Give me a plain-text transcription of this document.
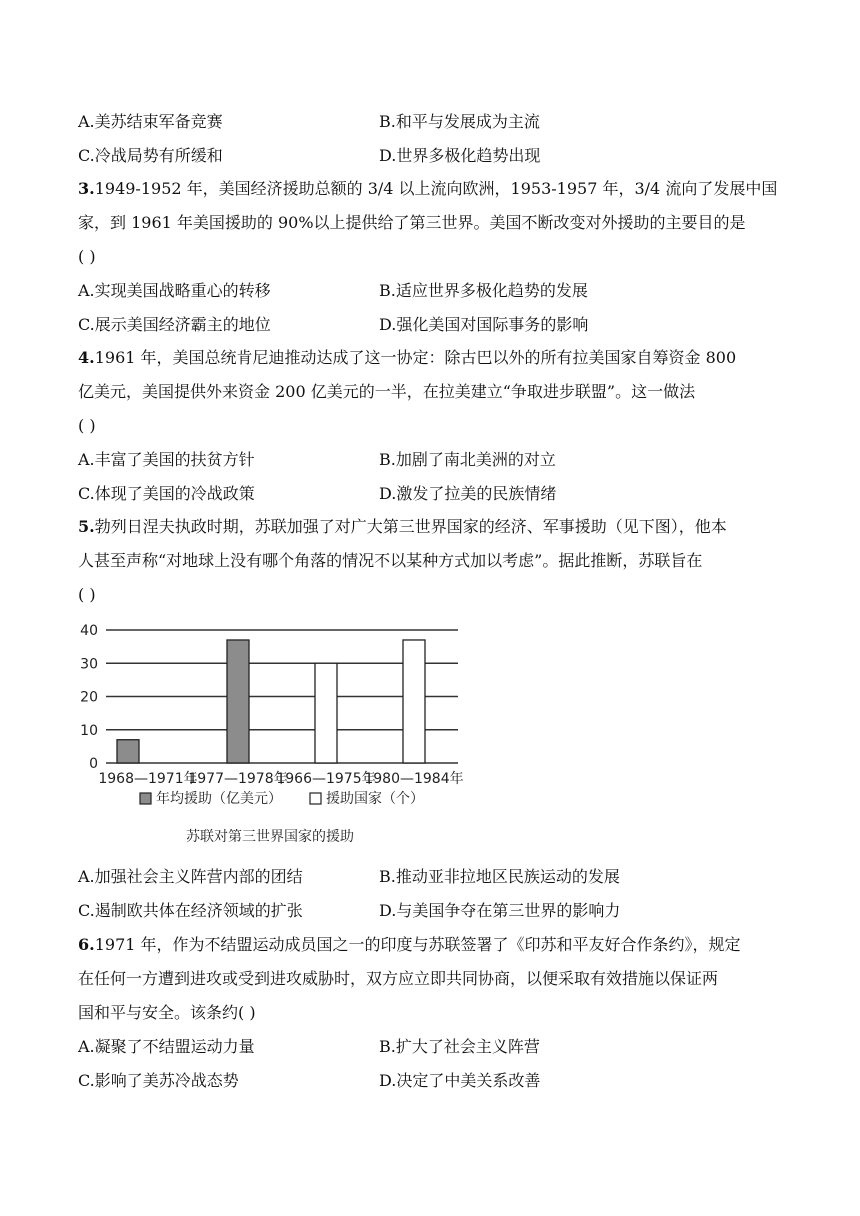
A.美苏结束军备竞赛	B.和平与发展成为主流
C.冷战局势有所缓和	D.世界多极化趋势出现
3.1949-1952 年，美国经济援助总额的 3/4 以上流向欧洲，1953-1957 年，3/4 流向了发展中国
家，到 1961 年美国援助的 90%以上提供给了第三世界。美国不断改变对外援助的主要目的是
( )
A.实现美国战略重心的转移	B.适应世界多极化趋势的发展
C.展示美国经济霸主的地位	D.强化美国对国际事务的影响
4.1961 年，美国总统肯尼迪推动达成了这一协定：除古巴以外的所有拉美国家自筹资金 800
亿美元，美国提供外来资金 200 亿美元的一半，在拉美建立“争取进步联盟”。这一做法
( )
A.丰富了美国的扶贫方针	B.加剧了南北美洲的对立
C.体现了美国的冷战政策	D.激发了拉美的民族情绪
5.勃列日涅夫执政时期，苏联加强了对广大第三世界国家的经济、军事援助（见下图），他本
人甚至声称“对地球上没有哪个角落的情况不以某种方式加以考虑”。据此推断，苏联旨在
( )
0
10
20
30
40
1968—1971年
1977—1978年
1966—1975年
1980—1984年
年均援助（亿美元）	援助国家（个）
苏联对第三世界国家的援助
A.加强社会主义阵营内部的团结	B.推动亚非拉地区民族运动的发展
C.遏制欧共体在经济领域的扩张	D.与美国争夺在第三世界的影响力
6.1971 年，作为不结盟运动成员国之一的印度与苏联签署了《印苏和平友好合作条约》，规定
在任何一方遭到进攻或受到进攻威胁时，双方应立即共同协商，以便采取有效措施以保证两
国和平与安全。该条约( )
A.凝聚了不结盟运动力量	B.扩大了社会主义阵营
C.影响了美苏冷战态势	D.决定了中美关系改善
